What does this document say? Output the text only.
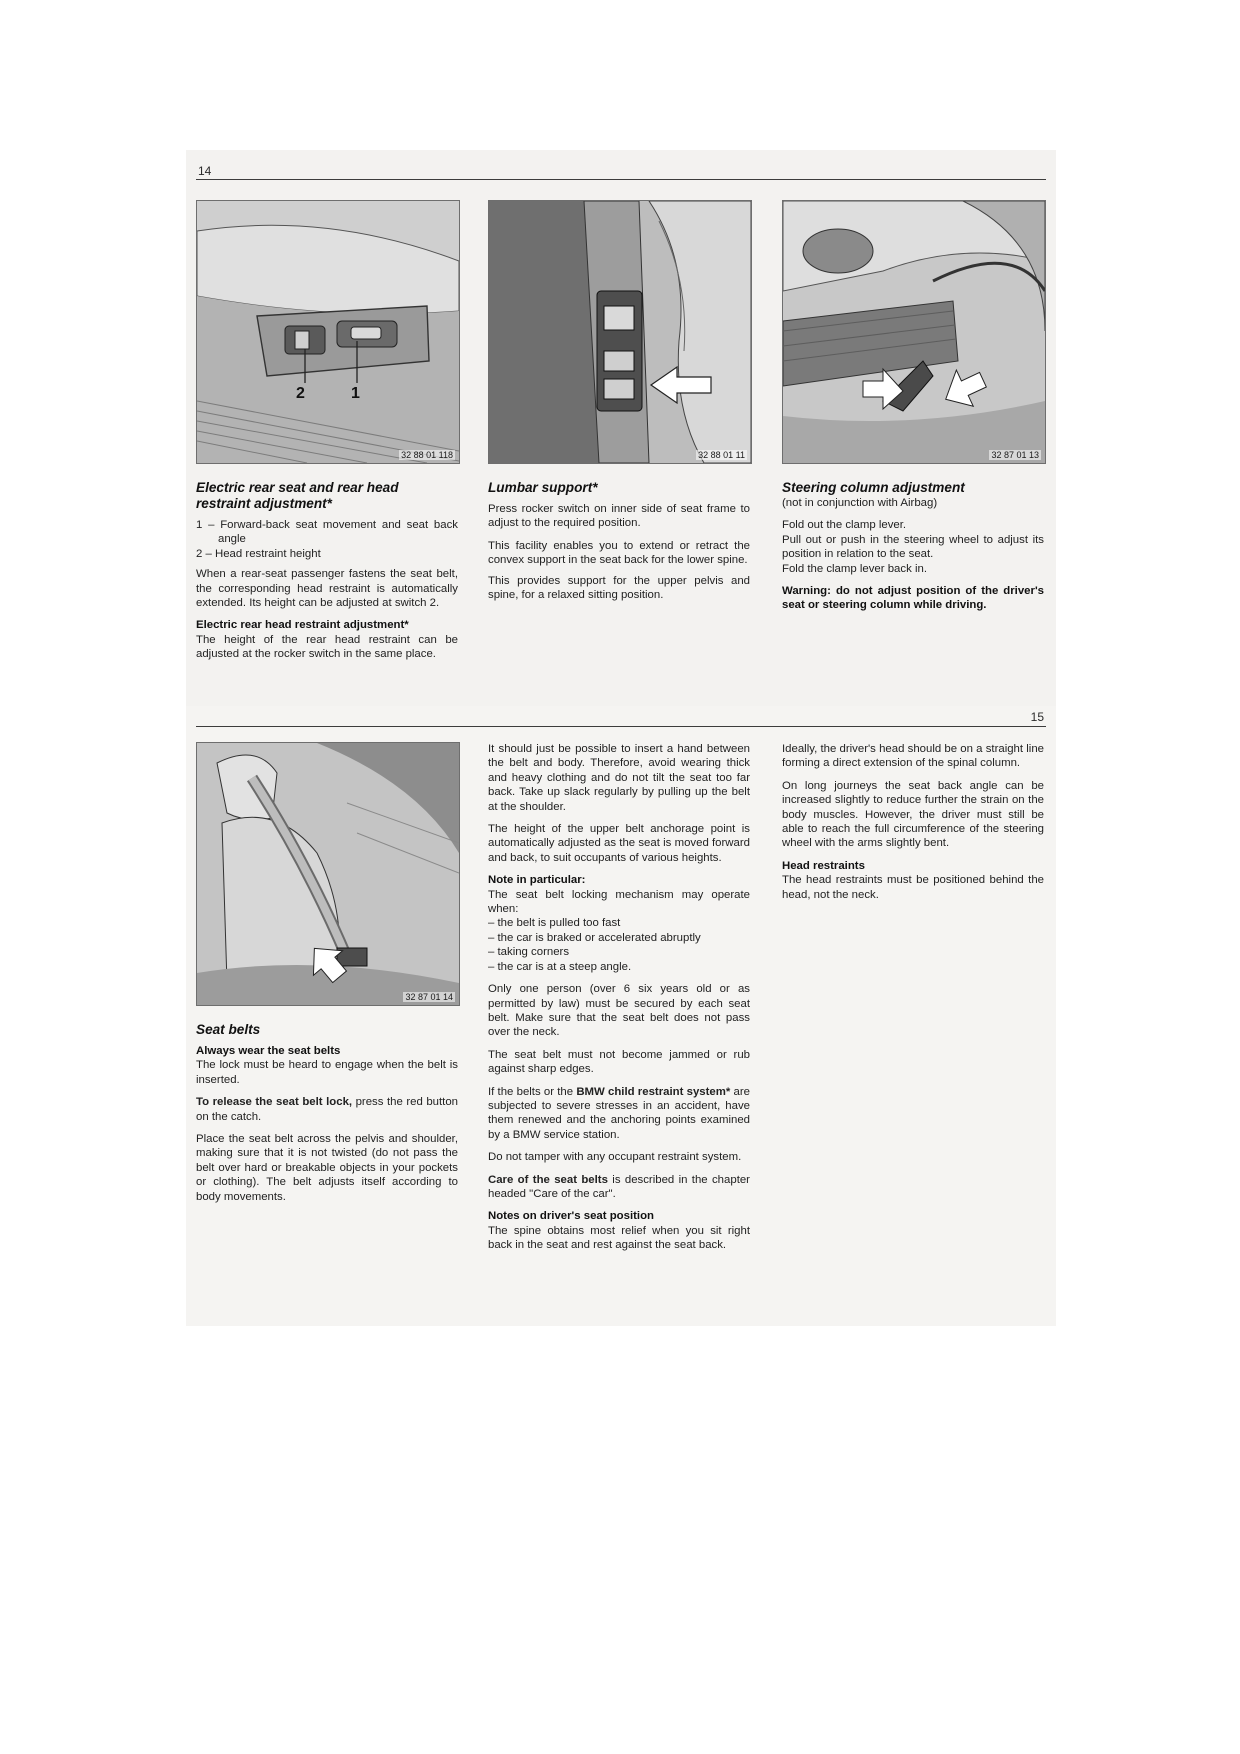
14
2	1
32 88 01 118	32 88 01 11	32 87 01 13
Electric rear seat and rear head
restraint adjustment*

1 – Forward-back seat movement and seat back angle
2 – Head restraint height

When a rear-seat passenger fastens the seat belt, the corresponding head restraint is automatically extended. Its height can be adjusted at switch 2.

Electric rear head restraint adjustment*
The height of the rear head restraint can be adjusted at the rocker switch in the same place.

Lumbar support*

Press rocker switch on inner side of seat frame to adjust to the required position.

This facility enables you to extend or retract the convex support in the seat back for the lower spine.

This provides support for the upper pelvis and spine, for a relaxed sitting position.

Steering column adjustment

(not in conjunction with Airbag)

Fold out the clamp lever.
Pull out or push in the steering wheel to adjust its position in relation to the seat.
Fold the clamp lever back in.

Warning: do not adjust position of the driver's seat or steering column while driving.

15
32 87 01 14
Seat belts

Always wear the seat belts
The lock must be heard to engage when the belt is inserted.

To release the seat belt lock, press the red button on the catch.

Place the seat belt across the pelvis and shoulder, making sure that it is not twisted (do not pass the belt over hard or breakable objects in your pockets or clothing). The belt adjusts itself according to body movements.

It should just be possible to insert a hand between the belt and body. Therefore, avoid wearing thick and heavy clothing and do not tilt the seat too far back. Take up slack regularly by pulling up the belt at the shoulder.

The height of the upper belt anchorage point is automatically adjusted as the seat is moved forward and back, to suit occupants of various heights.

Note in particular:
The seat belt locking mechanism may operate when:
– the belt is pulled too fast
– the car is braked or accelerated abruptly
– taking corners
– the car is at a steep angle.

Only one person (over 6 six years old or as permitted by law) must be secured by each seat belt. Make sure that the seat belt does not pass over the neck.

The seat belt must not become jammed or rub against sharp edges.

If the belts or the BMW child restraint system* are subjected to severe stresses in an accident, have them renewed and the anchoring points examined by a BMW service station.

Do not tamper with any occupant restraint system.

Care of the seat belts is described in the chapter headed "Care of the car".

Notes on driver's seat position
The spine obtains most relief when you sit right back in the seat and rest against the seat back.

Ideally, the driver's head should be on a straight line forming a direct extension of the spinal column.

On long journeys the seat back angle can be increased slightly to reduce further the strain on the body muscles. However, the driver must still be able to reach the full circumference of the steering wheel with the arms slightly bent.

Head restraints
The head restraints must be positioned behind the head, not the neck.
